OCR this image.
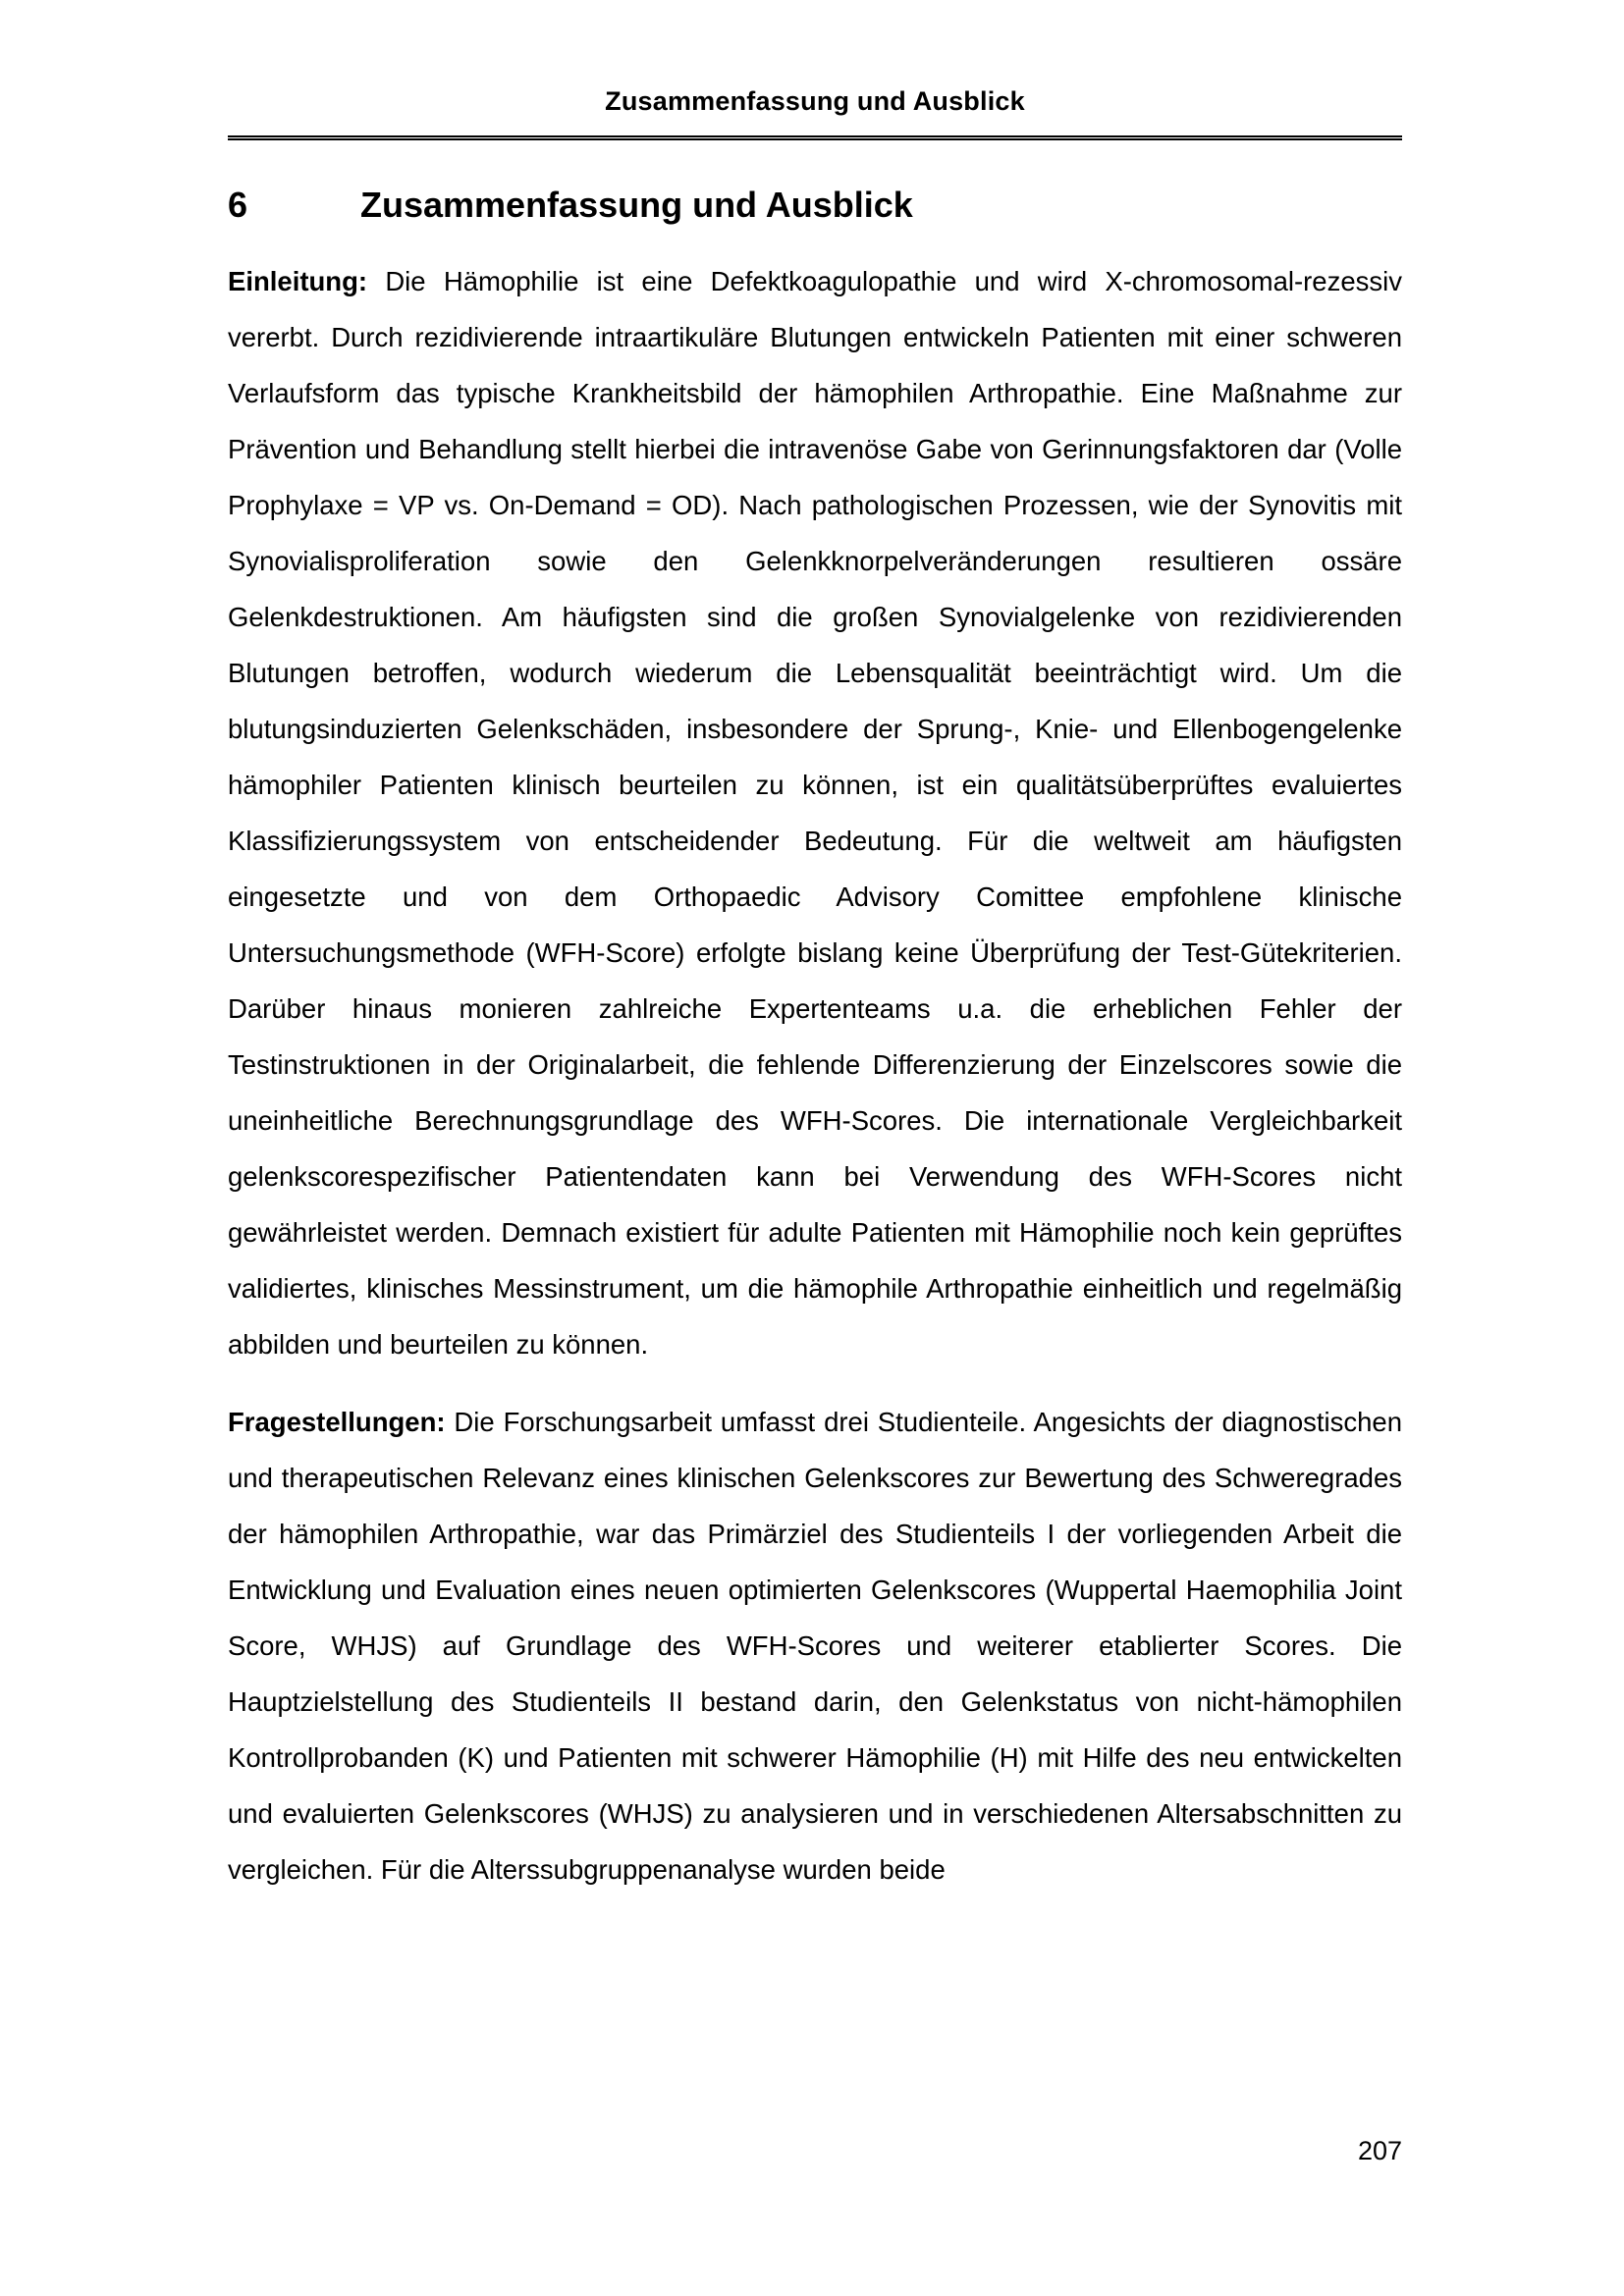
Zusammenfassung und Ausblick
6	Zusammenfassung und Ausblick

Einleitung: Die Hämophilie ist eine Defektkoagulopathie und wird X-chromosomal-rezessiv vererbt. Durch rezidivierende intraartikuläre Blutungen entwickeln Patienten mit einer schweren Verlaufsform das typische Krankheitsbild der hämophilen Arthropathie. Eine Maßnahme zur Prävention und Behandlung stellt hierbei die intravenöse Gabe von Gerinnungsfaktoren dar (Volle Prophylaxe = VP vs. On-Demand = OD). Nach pathologischen Prozessen, wie der Synovitis mit Synovialisproliferation sowie den Gelenkknorpelveränderungen resultieren ossäre Gelenkdestruktionen. Am häufigsten sind die großen Synovialgelenke von rezidivierenden Blutungen betroffen, wodurch wiederum die Lebensqualität beeinträchtigt wird. Um die blutungsinduzierten Gelenkschäden, insbesondere der Sprung-, Knie- und Ellenbogengelenke hämophiler Patienten klinisch beurteilen zu können, ist ein qualitätsüberprüftes evaluiertes Klassifizierungssystem von entscheidender Bedeutung. Für die weltweit am häufigsten eingesetzte und von dem Orthopaedic Advisory Comittee empfohlene klinische Untersuchungsmethode (WFH-Score) erfolgte bislang keine Überprüfung der Test-Gütekriterien. Darüber hinaus monieren zahlreiche Expertenteams u.a. die erheblichen Fehler der Testinstruktionen in der Originalarbeit, die fehlende Differenzierung der Einzelscores sowie die uneinheitliche Berechnungsgrundlage des WFH-Scores. Die internationale Vergleichbarkeit gelenkscorespezifischer Patientendaten kann bei Verwendung des WFH-Scores nicht gewährleistet werden. Demnach existiert für adulte Patienten mit Hämophilie noch kein geprüftes validiertes, klinisches Messinstrument, um die hämophile Arthropathie einheitlich und regelmäßig abbilden und beurteilen zu können.

Fragestellungen: Die Forschungsarbeit umfasst drei Studienteile. Angesichts der diagnostischen und therapeutischen Relevanz eines klinischen Gelenkscores zur Bewertung des Schweregrades der hämophilen Arthropathie, war das Primärziel des Studienteils I der vorliegenden Arbeit die Entwicklung und Evaluation eines neuen optimierten Gelenkscores (Wuppertal Haemophilia Joint Score, WHJS) auf Grundlage des WFH-Scores und weiterer etablierter Scores. Die Hauptzielstellung des Studienteils II bestand darin, den Gelenkstatus von nicht-hämophilen Kontrollprobanden (K) und Patienten mit schwerer Hämophilie (H) mit Hilfe des neu entwickelten und evaluierten Gelenkscores (WHJS) zu analysieren und in verschiedenen Altersabschnitten zu vergleichen. Für die Alterssubgruppenanalyse wurden beide

207
